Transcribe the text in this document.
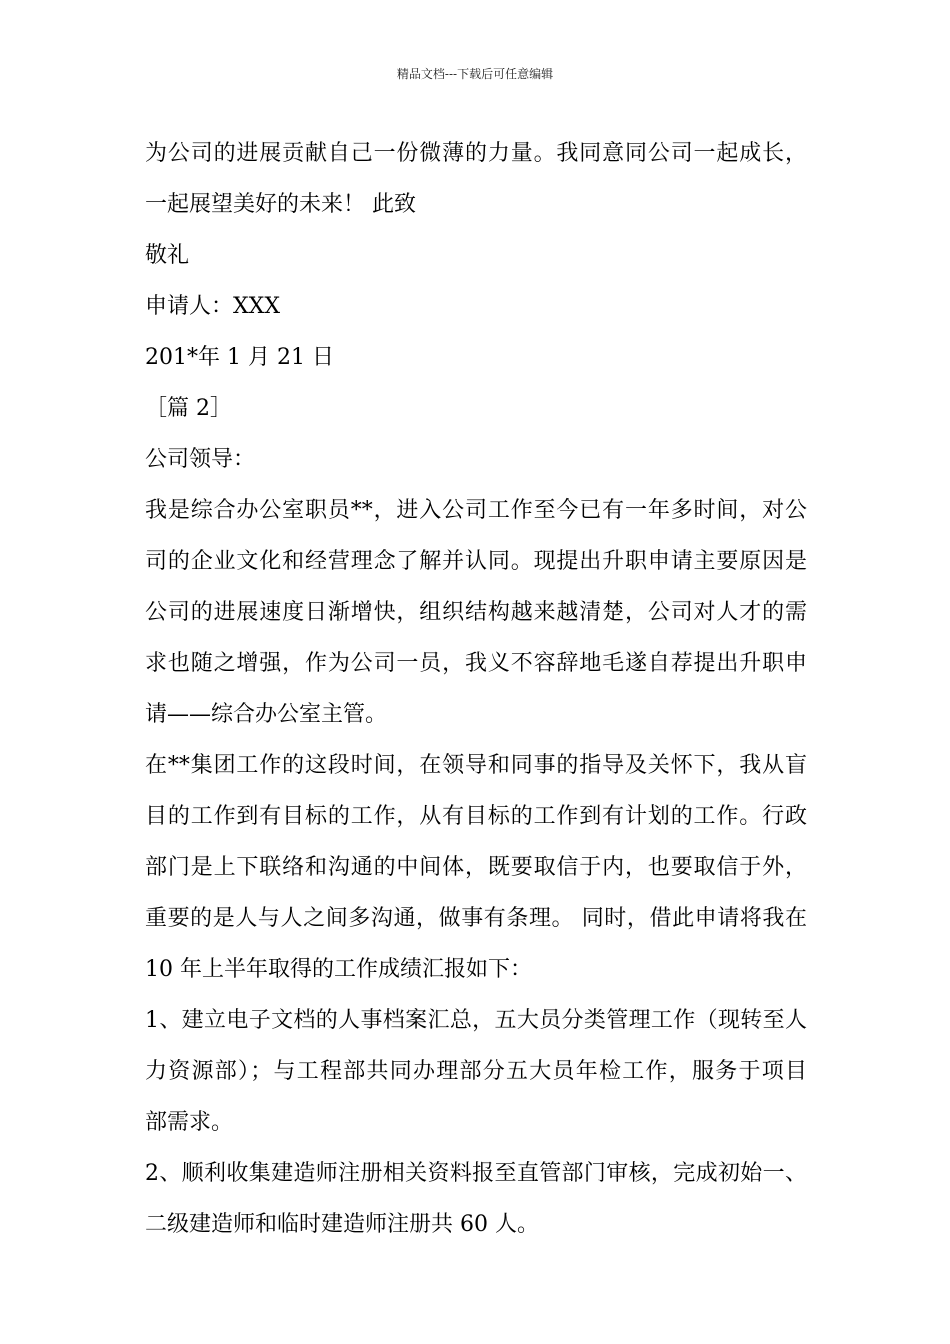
精品文档---下载后可任意编辑
为公司的进展贡献自己一份微薄的力量。我同意同公司一起成长，
一起展望美好的未来！ 此致
敬礼
申请人：XXX
201*年 1 月 21 日
［篇 2］
公司领导：
我是综合办公室职员**，进入公司工作至今已有一年多时间，对公
司的企业文化和经营理念了解并认同。现提出升职申请主要原因是
公司的进展速度日渐增快，组织结构越来越清楚，公司对人才的需
求也随之增强，作为公司一员，我义不容辞地毛遂自荐提出升职申
请——综合办公室主管。
在**集团工作的这段时间，在领导和同事的指导及关怀下，我从盲
目的工作到有目标的工作，从有目标的工作到有计划的工作。行政
部门是上下联络和沟通的中间体，既要取信于内，也要取信于外，
重要的是人与人之间多沟通，做事有条理。 同时，借此申请将我在
10 年上半年取得的工作成绩汇报如下：
1、建立电子文档的人事档案汇总，五大员分类管理工作（现转至人
力资源部）；与工程部共同办理部分五大员年检工作，服务于项目
部需求。
2、顺利收集建造师注册相关资料报至直管部门审核，完成初始一、
二级建造师和临时建造师注册共 60 人。
